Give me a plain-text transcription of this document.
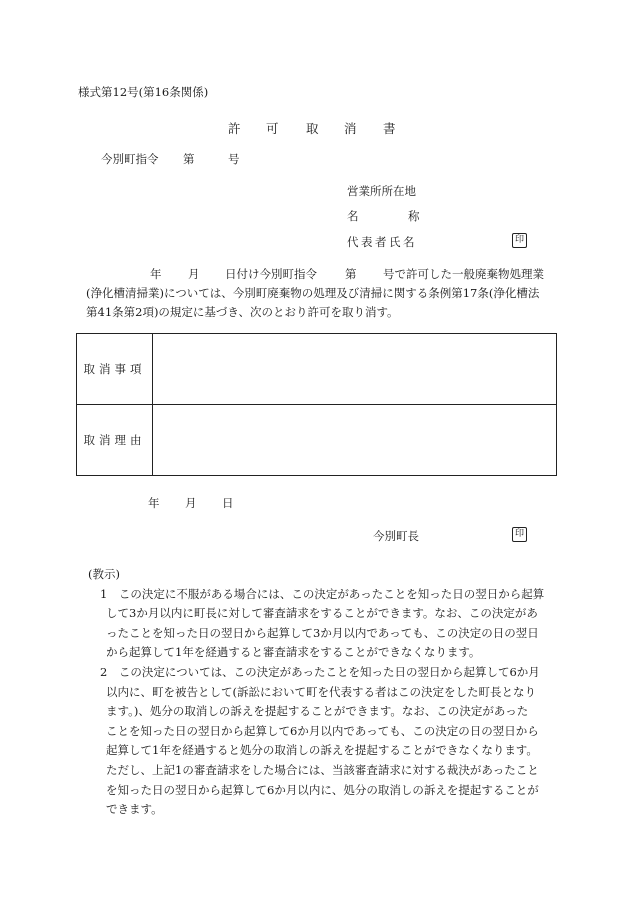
様式第12号(第16条関係)
許 可 取 消 書
今別町指令 第	号
営業所所在地
名	称
代表者氏名	印

年 月 日付け今別町指令 第 号で許可した一般廃棄物処理業

(浄化槽清掃業)については、今別町廃棄物の処理及び清掃に関する条例第17条(浄化槽法

第41条第2項)の規定に基づき、次のとおり許可を取り消す。

取消事項	
取消理由	
年 月 日
今別町長	印

(教示)

1　この決定に不服がある場合には、この決定があったことを知った日の翌日から起算

して3か月以内に町長に対して審査請求をすることができます。なお、この決定があ

ったことを知った日の翌日から起算して3か月以内であっても、この決定の日の翌日

から起算して1年を経過すると審査請求をすることができなくなります。

2　この決定については、この決定があったことを知った日の翌日から起算して6か月

以内に、町を被告として(訴訟において町を代表する者はこの決定をした町長となり

ます。)、処分の取消しの訴えを提起することができます。なお、この決定があった

ことを知った日の翌日から起算して6か月以内であっても、この決定の日の翌日から

起算して1年を経過すると処分の取消しの訴えを提起することができなくなります。

ただし、上記1の審査請求をした場合には、当該審査請求に対する裁決があったこと

を知った日の翌日から起算して6か月以内に、処分の取消しの訴えを提起することが

できます。
